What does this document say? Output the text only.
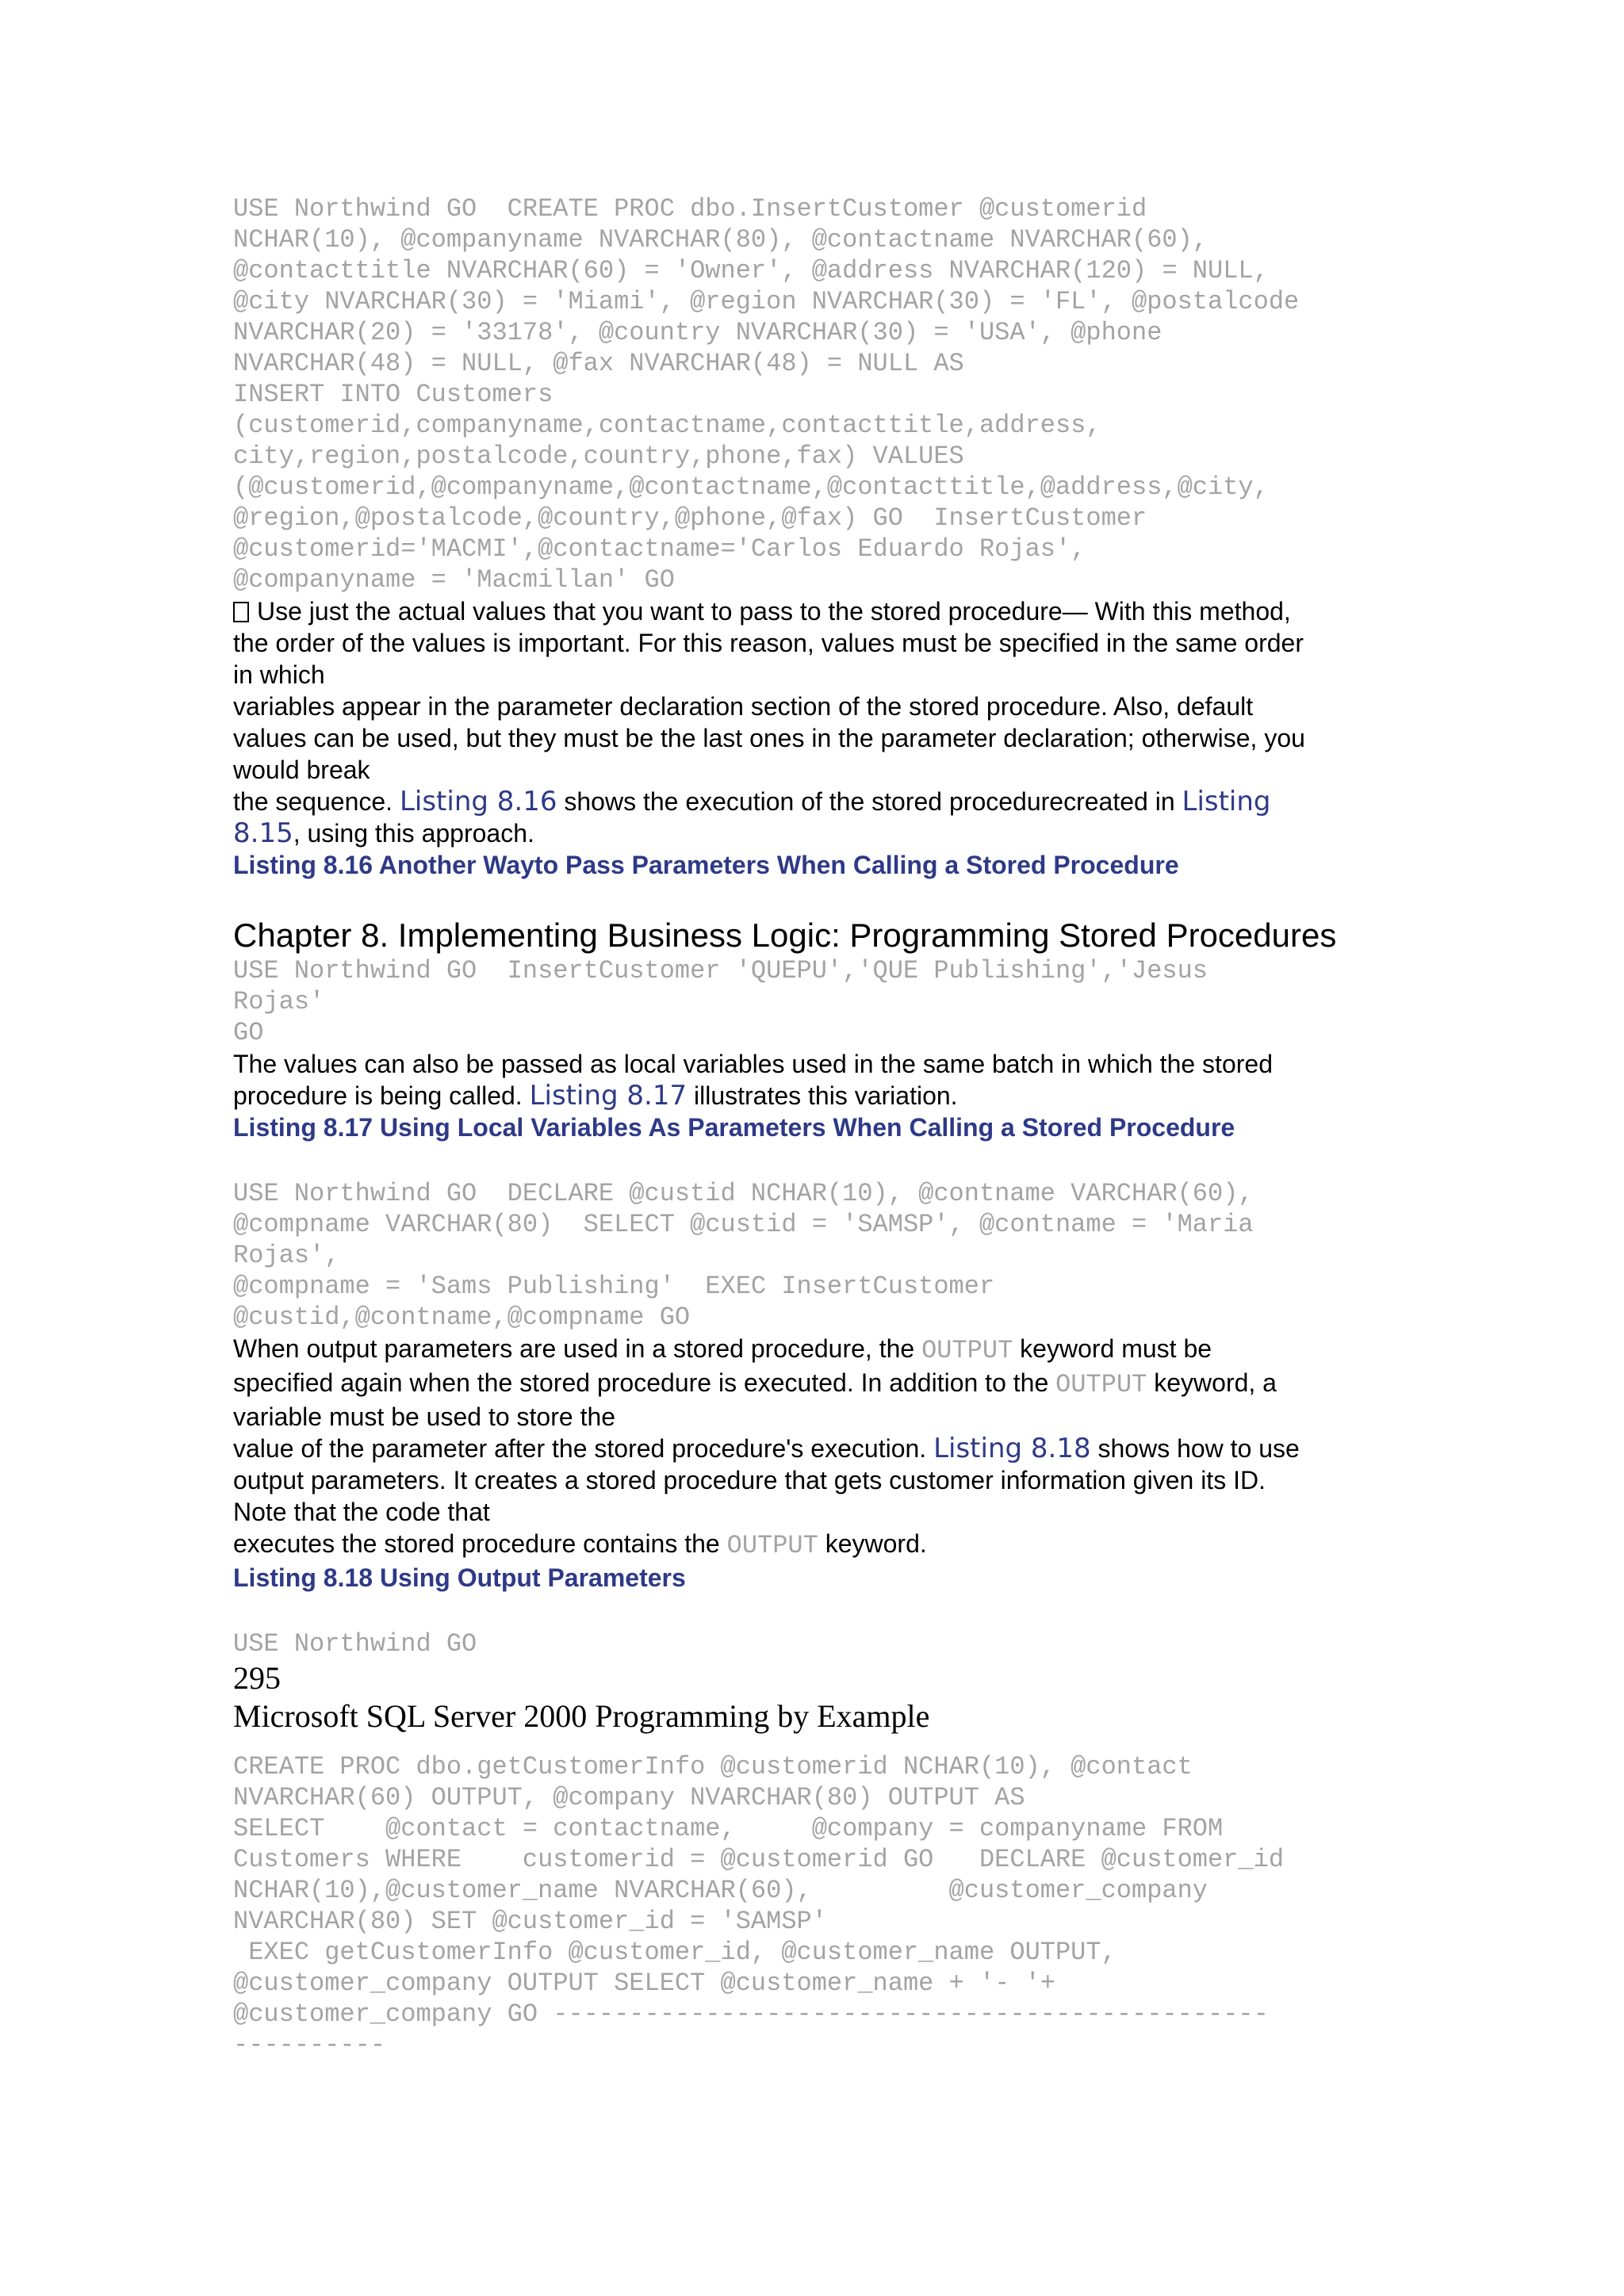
USE Northwind GO  CREATE PROC dbo.InsertCustomer @customerid
NCHAR(10), @companyname NVARCHAR(80), @contactname NVARCHAR(60),
@contacttitle NVARCHAR(60) = 'Owner', @address NVARCHAR(120) = NULL,
@city NVARCHAR(30) = 'Miami', @region NVARCHAR(30) = 'FL', @postalcode
NVARCHAR(20) = '33178', @country NVARCHAR(30) = 'USA', @phone
NVARCHAR(48) = NULL, @fax NVARCHAR(48) = NULL AS
INSERT INTO Customers
(customerid,companyname,contactname,contacttitle,address,
city,region,postalcode,country,phone,fax) VALUES
(@customerid,@companyname,@contactname,@contacttitle,@address,@city,
@region,@postalcode,@country,@phone,@fax) GO  InsertCustomer
@customerid='MACMI',@contactname='Carlos Eduardo Rojas',
@companyname = 'Macmillan' GO

Use just the actual values that you want to pass to the stored procedure— With this method,
the order of the values is important. For this reason, values must be specified in the same order
in which
variables appear in the parameter declaration section of the stored procedure. Also, default
values can be used, but they must be the last ones in the parameter declaration; otherwise, you
would break
the sequence. Listing 8.16 shows the execution of the stored procedurecreated in Listing
8.15, using this approach.

Listing 8.16 Another Wayto Pass Parameters When Calling a Stored Procedure

Chapter 8. Implementing Business Logic: Programming Stored Procedures

USE Northwind GO  InsertCustomer 'QUEPU','QUE Publishing','Jesus
Rojas'
GO

The values can also be passed as local variables used in the same batch in which the stored
procedure is being called. Listing 8.17 illustrates this variation.

Listing 8.17 Using Local Variables As Parameters When Calling a Stored Procedure

USE Northwind GO  DECLARE @custid NCHAR(10), @contname VARCHAR(60),
@compname VARCHAR(80)  SELECT @custid = 'SAMSP', @contname = 'Maria
Rojas',
@compname = 'Sams Publishing'  EXEC InsertCustomer
@custid,@contname,@compname GO

When output parameters are used in a stored procedure, the OUTPUT keyword must be
specified again when the stored procedure is executed. In addition to the OUTPUT keyword, a
variable must be used to store the
value of the parameter after the stored procedure's execution. Listing 8.18 shows how to use
output parameters. It creates a stored procedure that gets customer information given its ID.
Note that the code that
executes the stored procedure contains the OUTPUT keyword.

Listing 8.18 Using Output Parameters

USE Northwind GO

295

Microsoft SQL Server 2000 Programming by Example

CREATE PROC dbo.getCustomerInfo @customerid NCHAR(10), @contact
NVARCHAR(60) OUTPUT, @company NVARCHAR(80) OUTPUT AS
SELECT    @contact = contactname,     @company = companyname FROM
Customers WHERE    customerid = @customerid GO   DECLARE @customer_id
NCHAR(10),@customer_name NVARCHAR(60),         @customer_company
NVARCHAR(80) SET @customer_id = 'SAMSP'
EXEC getCustomerInfo @customer_id, @customer_name OUTPUT,
@customer_company OUTPUT SELECT @customer_name + '- '+
@customer_company GO -----------------------------------------------
----------
